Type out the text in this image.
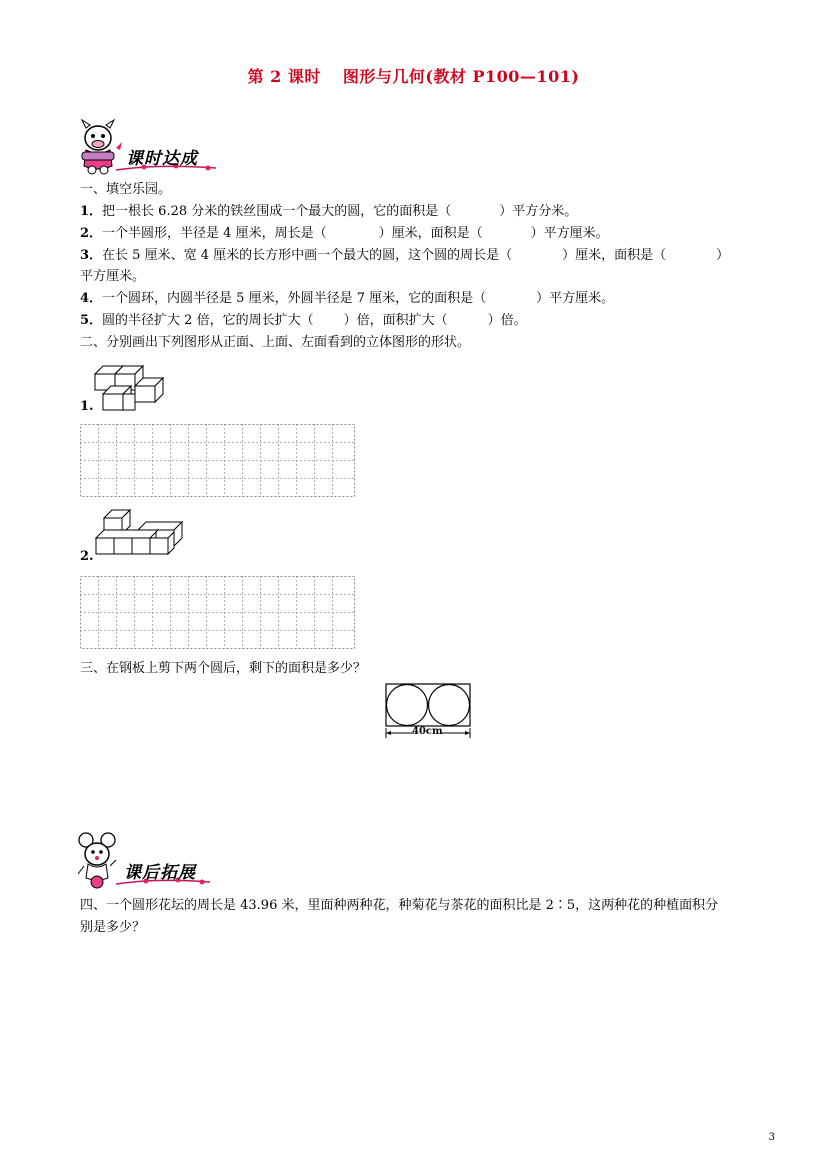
第 2 课时 图形与几何(教材 P100—101)
课时达成
一、填空乐园。
1．把一根长 6.28 分米的铁丝围成一个最大的圆，它的面积是（	）平方分米。
2．一个半圆形，半径是 4 厘米，周长是（	）厘米，面积是（	）平方厘米。
3．在长 5 厘米、宽 4 厘米的长方形中画一个最大的圆，这个圆的周长是（	）厘米，面积是（	）
平方厘米。
4．一个圆环，内圆半径是 5 厘米，外圆半径是 7 厘米，它的面积是（	）平方厘米。
5．圆的半径扩大 2 倍，它的周长扩大（ ）倍，面积扩大（	）倍。
二、分别画出下列图形从正面、上面、左面看到的立体图形的形状。
1.
2.
三、在钢板上剪下两个圆后，剩下的面积是多少？
40cm
课后拓展
四、一个圆形花坛的周长是 43.96 米，里面种两种花，种菊花与茶花的面积比是 2∶5，这两种花的种植面积分
别是多少？
3
